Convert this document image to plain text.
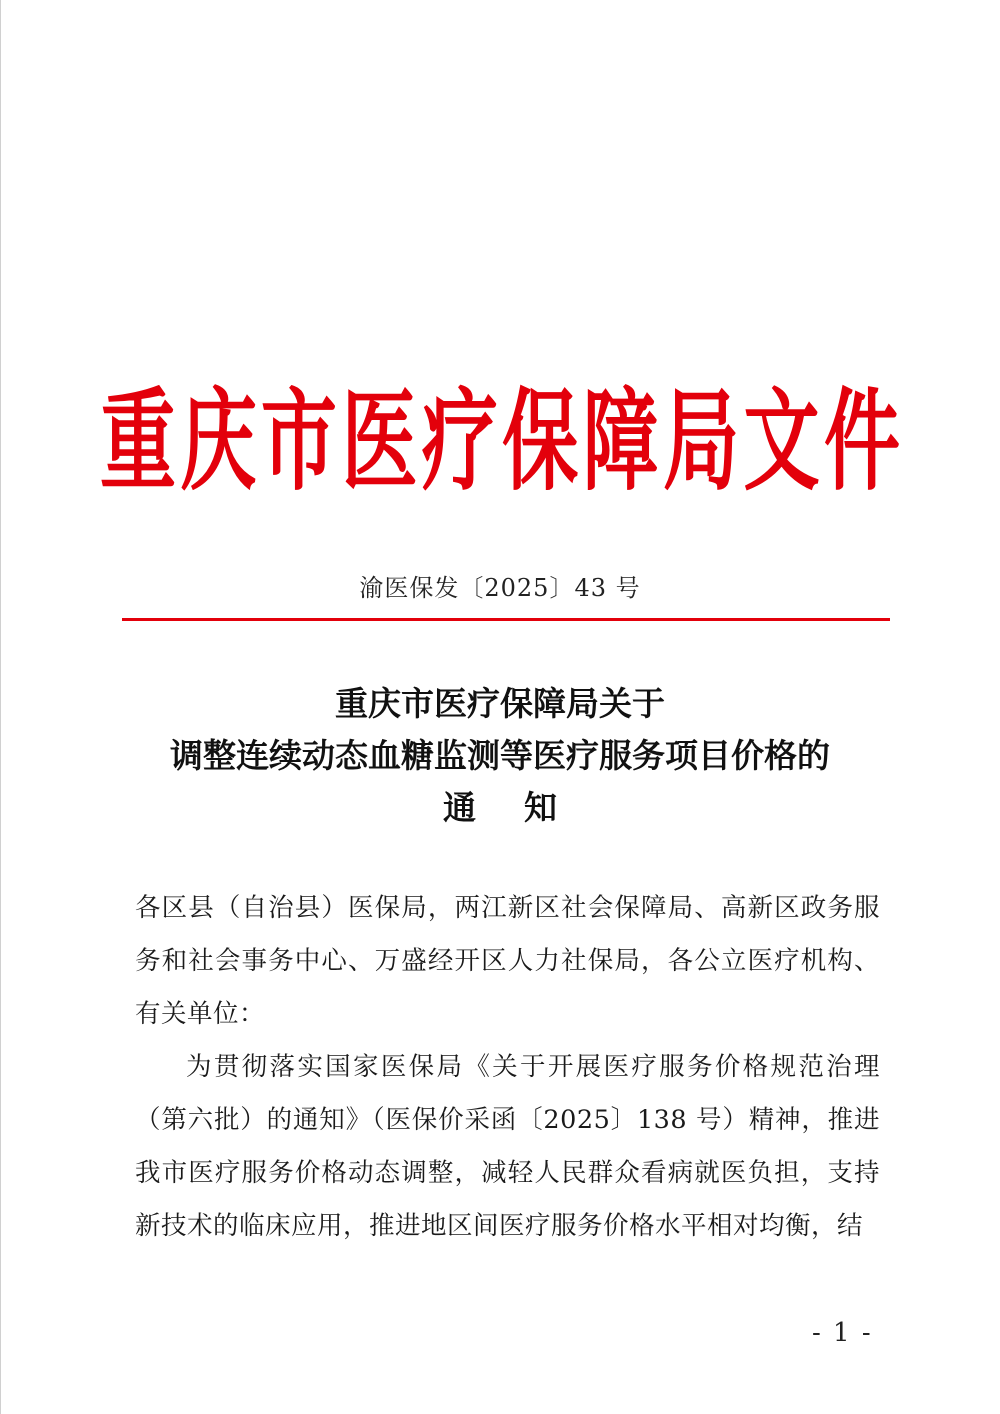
重 庆 市 医 疗 保 障 局 文 件
渝医保发〔2025〕43 号
重庆市医疗保障局关于
调整连续动态血糖监测等医疗服务项目价格的
通知

各区县（自治县）医保局，两江新区社会保障局、高新区政务服务和社会事务中心、万盛经开区人力社保局，各公立医疗机构、有关单位：

为贯彻落实国家医保局《关于开展医疗服务价格规范治理（第六批）的通知》（医保价采函〔2025〕138 号）精神，推进我市医疗服务价格动态调整，减轻人民群众看病就医负担，支持新技术的临床应用，推进地区间医疗服务价格水平相对均衡，结

- 1 -
